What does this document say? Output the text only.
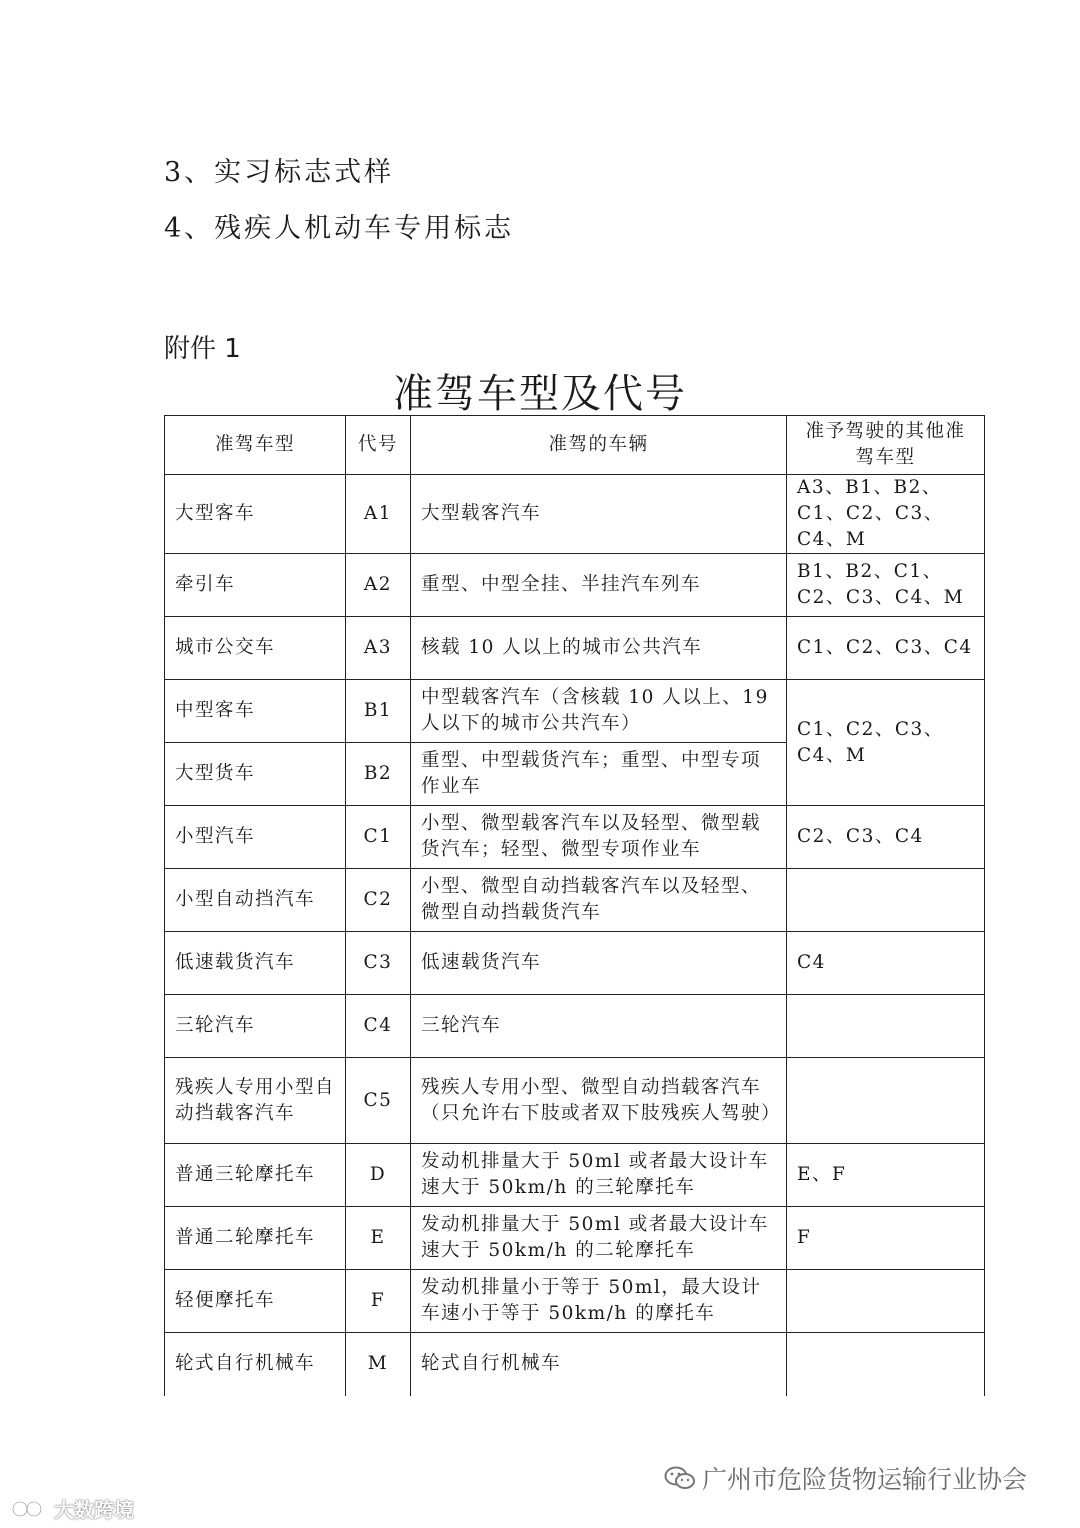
3、实习标志式样
4、残疾人机动车专用标志
附件 1
准驾车型及代号
准驾车型	代号	准驾的车辆	准予驾驶的其他准驾车型
大型客车	A1	大型载客汽车	A3、B1、B2、C1、C2、C3、C4、M
牵引车	A2	重型、中型全挂、半挂汽车列车	B1、B2、C1、C2、C3、C4、M
城市公交车	A3	核载 10 人以上的城市公共汽车	C1、C2、C3、C4
中型客车	B1	中型载客汽车（含核载 10 人以上、19 人以下的城市公共汽车）	C1、C2、C3、C4、M
大型货车	B2	重型、中型载货汽车；重型、中型专项作业车	
小型汽车	C1	小型、微型载客汽车以及轻型、微型载货汽车；轻型、微型专项作业车	C2、C3、C4
小型自动挡汽车	C2	小型、微型自动挡载客汽车以及轻型、微型自动挡载货汽车	
低速载货汽车	C3	低速载货汽车	C4
三轮汽车	C4	三轮汽车	
残疾人专用小型自动挡载客汽车	C5	残疾人专用小型、微型自动挡载客汽车（只允许右下肢或者双下肢残疾人驾驶）	
普通三轮摩托车	D	发动机排量大于 50ml 或者最大设计车速大于 50km/h 的三轮摩托车	E、F
普通二轮摩托车	E	发动机排量大于 50ml 或者最大设计车速大于 50km/h 的二轮摩托车	F
轻便摩托车	F	发动机排量小于等于 50ml，最大设计车速小于等于 50km/h 的摩托车	
轮式自行机械车	M	轮式自行机械车	
广州市危险货物运输行业协会
大数跨境
